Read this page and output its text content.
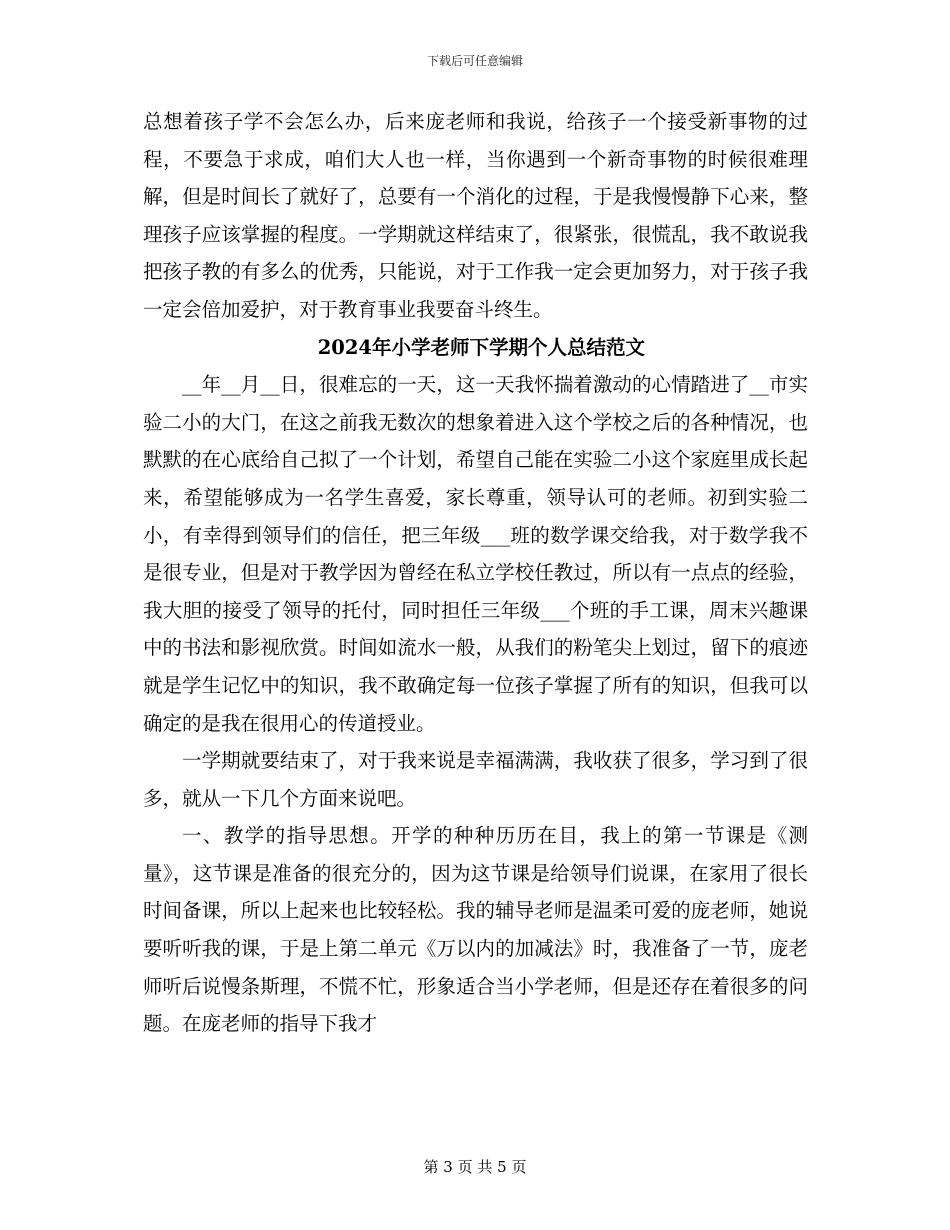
下载后可任意编辑

总想着孩子学不会怎么办，后来庞老师和我说，给孩子一个接受新事物的过程，不要急于求成，咱们大人也一样，当你遇到一个新奇事物的时候很难理解，但是时间长了就好了，总要有一个消化的过程，于是我慢慢静下心来，整理孩子应该掌握的程度。一学期就这样结束了，很紧张，很慌乱，我不敢说我把孩子教的有多么的优秀，只能说，对于工作我一定会更加努力，对于孩子我一定会倍加爱护，对于教育事业我要奋斗终生。

2024年小学老师下学期个人总结范文

__年__月__日，很难忘的一天，这一天我怀揣着激动的心情踏进了__市实验二小的大门，在这之前我无数次的想象着进入这个学校之后的各种情况，也默默的在心底给自己拟了一个计划，希望自己能在实验二小这个家庭里成长起来，希望能够成为一名学生喜爱，家长尊重，领导认可的老师。初到实验二小，有幸得到领导们的信任，把三年级___班的数学课交给我，对于数学我不是很专业，但是对于教学因为曾经在私立学校任教过，所以有一点点的经验，我大胆的接受了领导的托付，同时担任三年级___个班的手工课，周末兴趣课中的书法和影视欣赏。时间如流水一般，从我们的粉笔尖上划过，留下的痕迹就是学生记忆中的知识，我不敢确定每一位孩子掌握了所有的知识，但我可以确定的是我在很用心的传道授业。

一学期就要结束了，对于我来说是幸福满满，我收获了很多，学习到了很多，就从一下几个方面来说吧。

一、教学的指导思想。开学的种种历历在目，我上的第一节课是《测量》，这节课是准备的很充分的，因为这节课是给领导们说课，在家用了很长时间备课，所以上起来也比较轻松。我的辅导老师是温柔可爱的庞老师，她说要听听我的课，于是上第二单元《万以内的加减法》时，我准备了一节，庞老师听后说慢条斯理，不慌不忙，形象适合当小学老师，但是还存在着很多的问题。在庞老师的指导下我才

第 3 页 共 5 页
